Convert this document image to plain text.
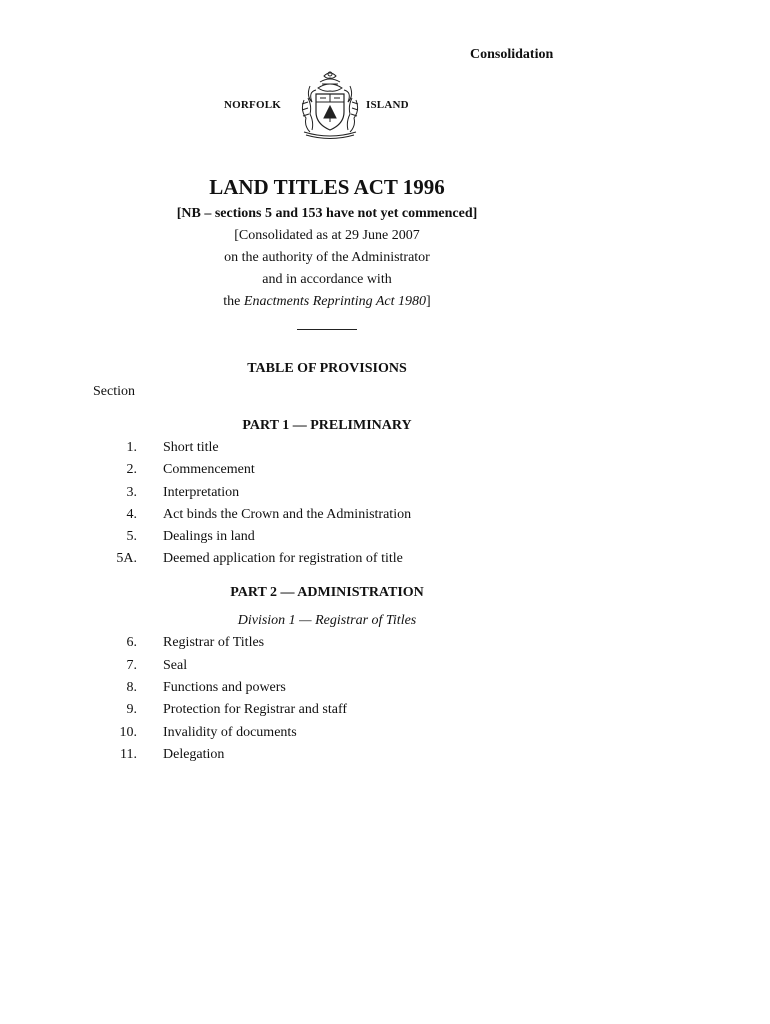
Consolidation
NORFOLK	ISLAND
LAND TITLES ACT 1996
[NB – sections 5 and 153 have not yet commenced]
[Consolidated as at 29 June 2007
on the authority of the Administrator
and in accordance with
the Enactments Reprinting Act 1980]
TABLE OF PROVISIONS
Section
PART 1 — PRELIMINARY
1. Short title
2. Commencement
3. Interpretation
4. Act binds the Crown and the Administration
5. Dealings in land
5A. Deemed application for registration of title
PART 2 — ADMINISTRATION
Division 1 — Registrar of Titles
6. Registrar of Titles
7. Seal
8. Functions and powers
9. Protection for Registrar and staff
10. Invalidity of documents
11. Delegation
